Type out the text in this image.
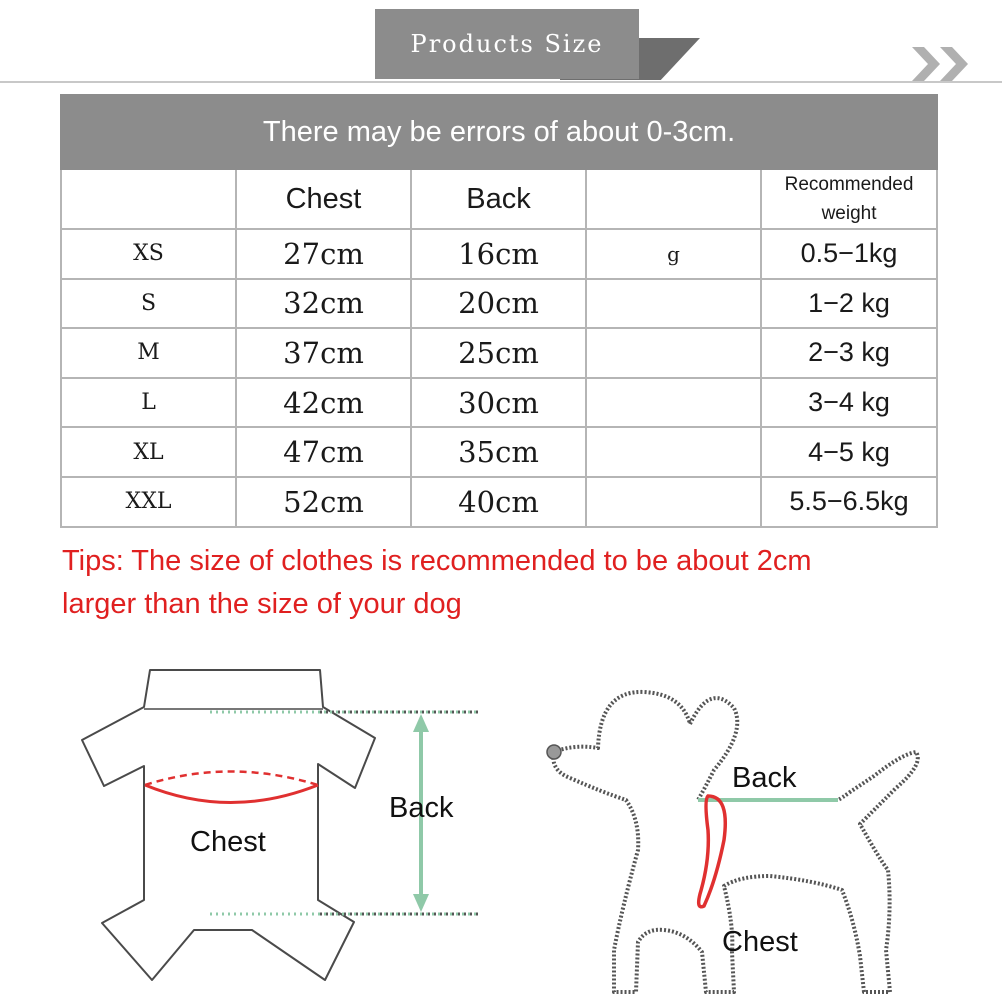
Products Size
There may be errors of about 0-3cm.				
	Chest	Back		Recommended weight
XS	27cm	16cm	g	0.5−1kg
S	32cm	20cm		1−2 kg
M	37cm	25cm		2−3 kg
L	42cm	30cm		3−4 kg
XL	47cm	35cm		4−5 kg
XXL	52cm	40cm		5.5−6.5kg
Tips: The size of clothes is recommended to be about 2cm
larger than the size of your dog
Chest
Back
Back
Chest
